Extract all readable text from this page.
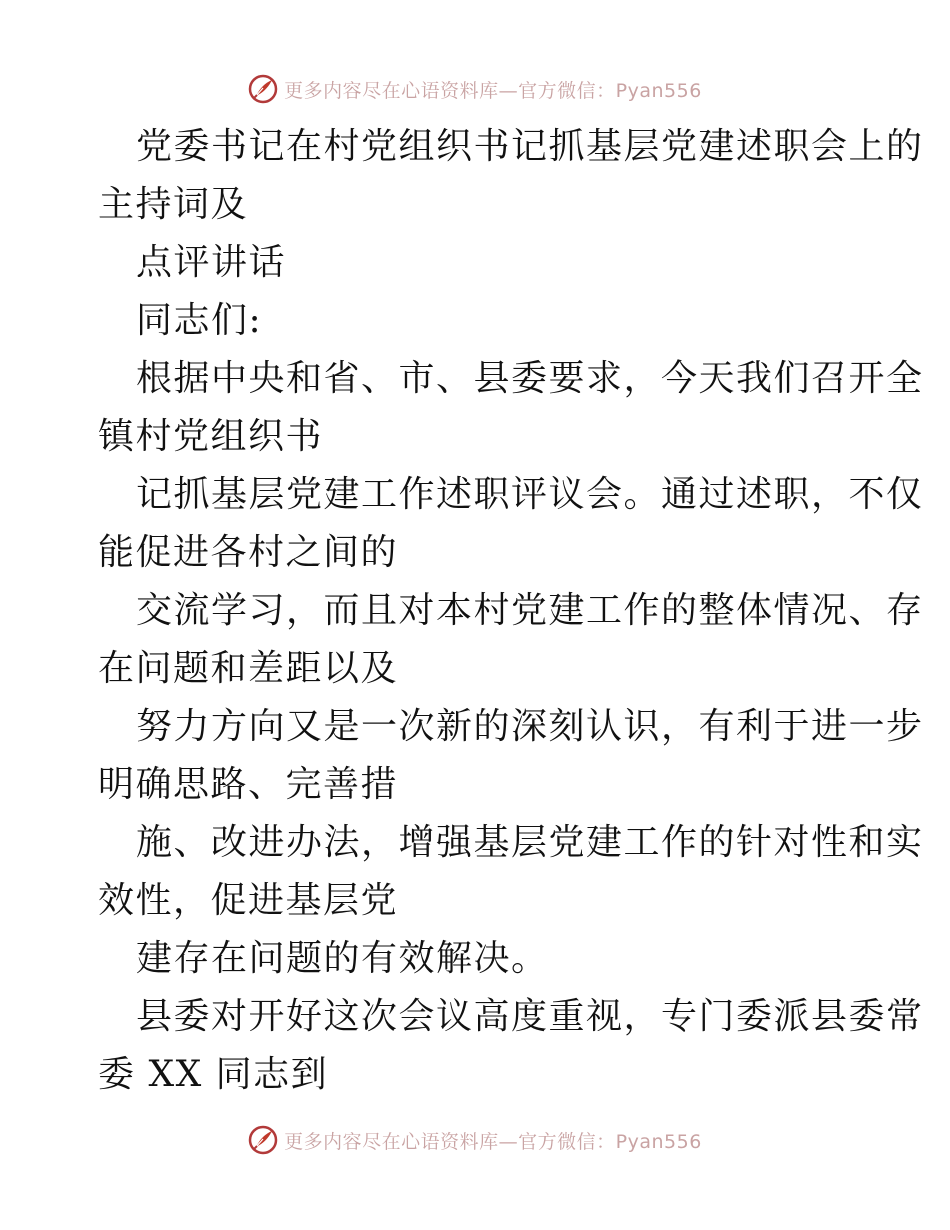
更多内容尽在心语资料库—官方微信：Pyan556
党委书记在村党组织书记抓基层党建述职会上的
主持词及
点评讲话
同志们:
根据中央和省、市、县委要求，今天我们召开全
镇村党组织书
记抓基层党建工作述职评议会。通过述职，不仅
能促进各村之间的
交流学习，而且对本村党建工作的整体情况、存
在问题和差距以及
努力方向又是一次新的深刻认识，有利于进一步
明确思路、完善措
施、改进办法，增强基层党建工作的针对性和实
效性，促进基层党
建存在问题的有效解决。
县委对开好这次会议高度重视，专门委派县委常
委 XX 同志到
更多内容尽在心语资料库—官方微信：Pyan556
